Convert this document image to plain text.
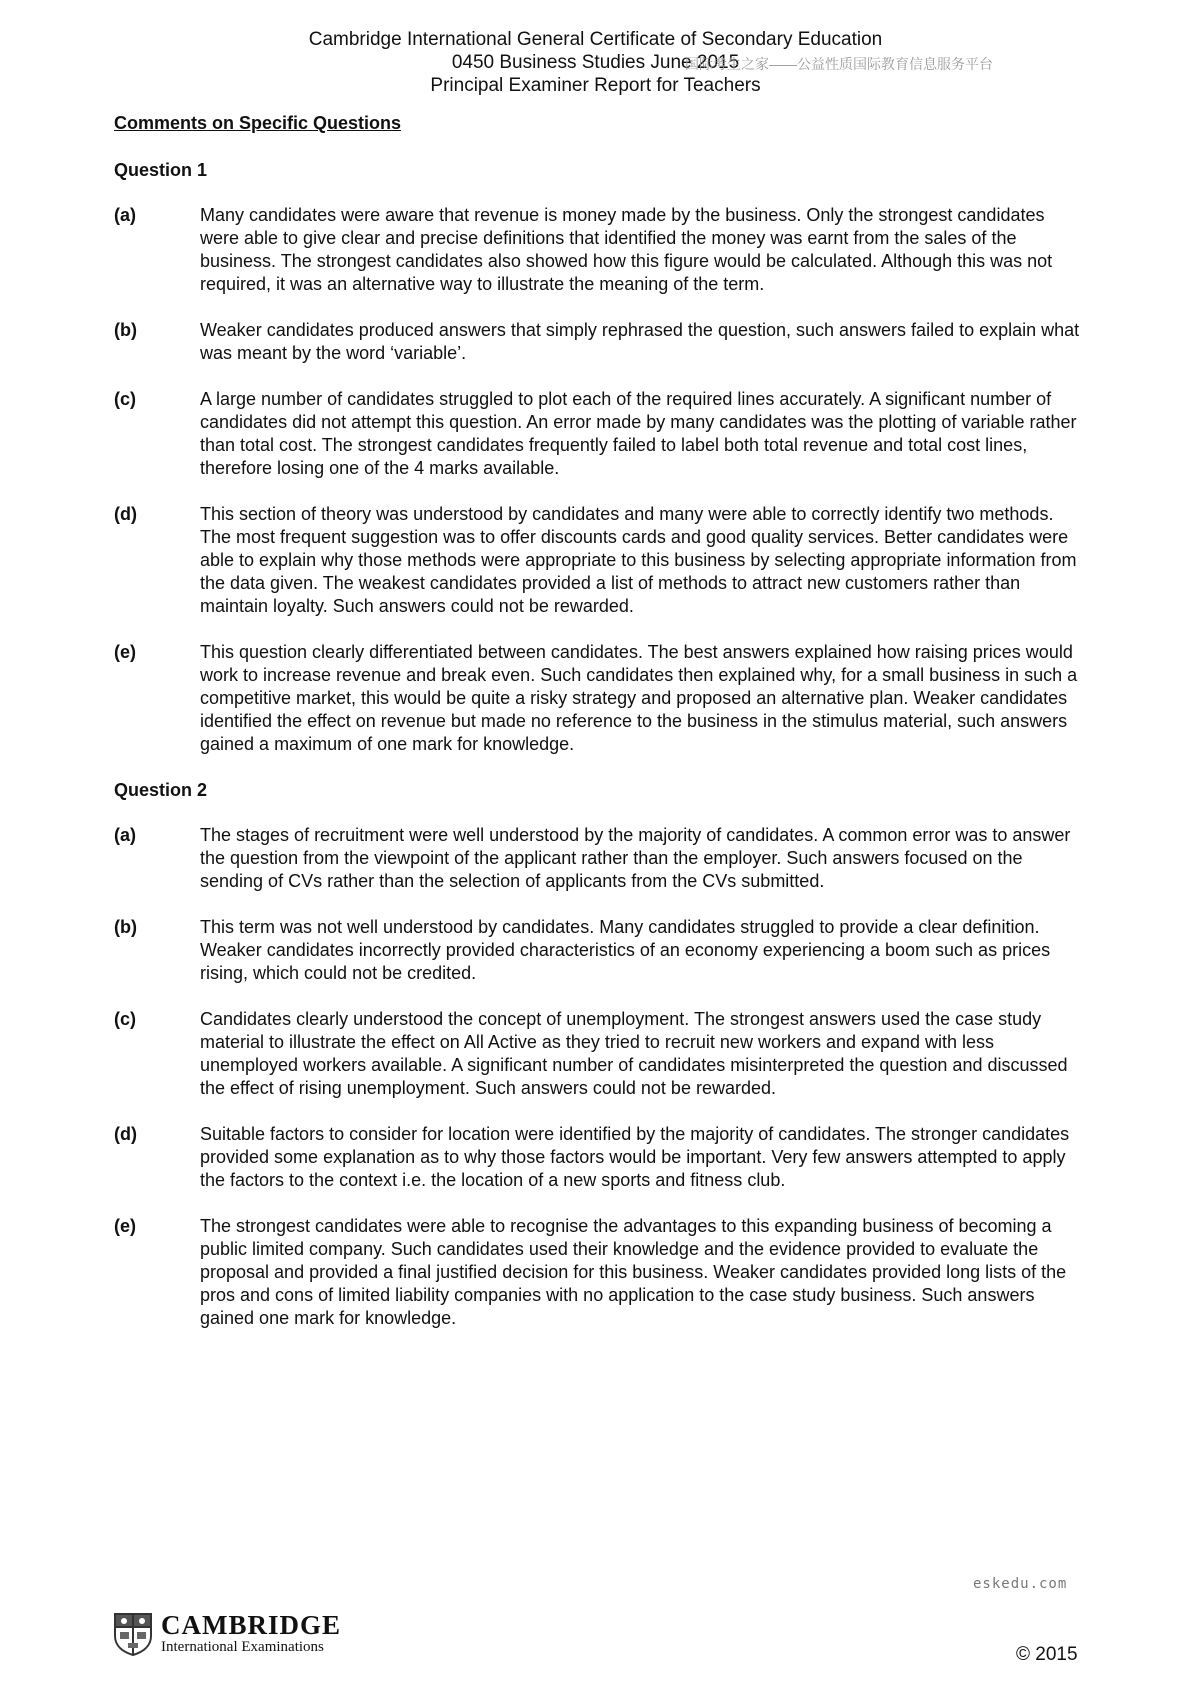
Cambridge International General Certificate of Secondary Education
0450 Business Studies June 2015
Principal Examiner Report for Teachers
国际考生之家——公益性质国际教育信息服务平台
Comments on Specific Questions
Question 1
(a)	Many candidates were aware that revenue is money made by the business. Only the strongest candidates were able to give clear and precise definitions that identified the money was earnt from the sales of the business. The strongest candidates also showed how this figure would be calculated. Although this was not required, it was an alternative way to illustrate the meaning of the term.
(b)	Weaker candidates produced answers that simply rephrased the question, such answers failed to explain what was meant by the word ‘variable’.
(c)	A large number of candidates struggled to plot each of the required lines accurately. A significant number of candidates did not attempt this question. An error made by many candidates was the plotting of variable rather than total cost. The strongest candidates frequently failed to label both total revenue and total cost lines, therefore losing one of the 4 marks available.
(d)	This section of theory was understood by candidates and many were able to correctly identify two methods. The most frequent suggestion was to offer discounts cards and good quality services. Better candidates were able to explain why those methods were appropriate to this business by selecting appropriate information from the data given. The weakest candidates provided a list of methods to attract new customers rather than maintain loyalty. Such answers could not be rewarded.
(e)	This question clearly differentiated between candidates. The best answers explained how raising prices would work to increase revenue and break even. Such candidates then explained why, for a small business in such a competitive market, this would be quite a risky strategy and proposed an alternative plan. Weaker candidates identified the effect on revenue but made no reference to the business in the stimulus material, such answers gained a maximum of one mark for knowledge.
Question 2
(a)	The stages of recruitment were well understood by the majority of candidates. A common error was to answer the question from the viewpoint of the applicant rather than the employer. Such answers focused on the sending of CVs rather than the selection of applicants from the CVs submitted.
(b)	This term was not well understood by candidates. Many candidates struggled to provide a clear definition. Weaker candidates incorrectly provided characteristics of an economy experiencing a boom such as prices rising, which could not be credited.
(c)	Candidates clearly understood the concept of unemployment. The strongest answers used the case study material to illustrate the effect on All Active as they tried to recruit new workers and expand with less unemployed workers available. A significant number of candidates misinterpreted the question and discussed the effect of rising unemployment. Such answers could not be rewarded.
(d)	Suitable factors to consider for location were identified by the majority of candidates. The stronger candidates provided some explanation as to why those factors would be important. Very few answers attempted to apply the factors to the context i.e. the location of a new sports and fitness club.
(e)	The strongest candidates were able to recognise the advantages to this expanding business of becoming a public limited company. Such candidates used their knowledge and the evidence provided to evaluate the proposal and provided a final justified decision for this business. Weaker candidates provided long lists of the pros and cons of limited liability companies with no application to the case study business. Such answers gained one mark for knowledge.
eskedu.com
CAMBRIDGE
International Examinations	© 2015
